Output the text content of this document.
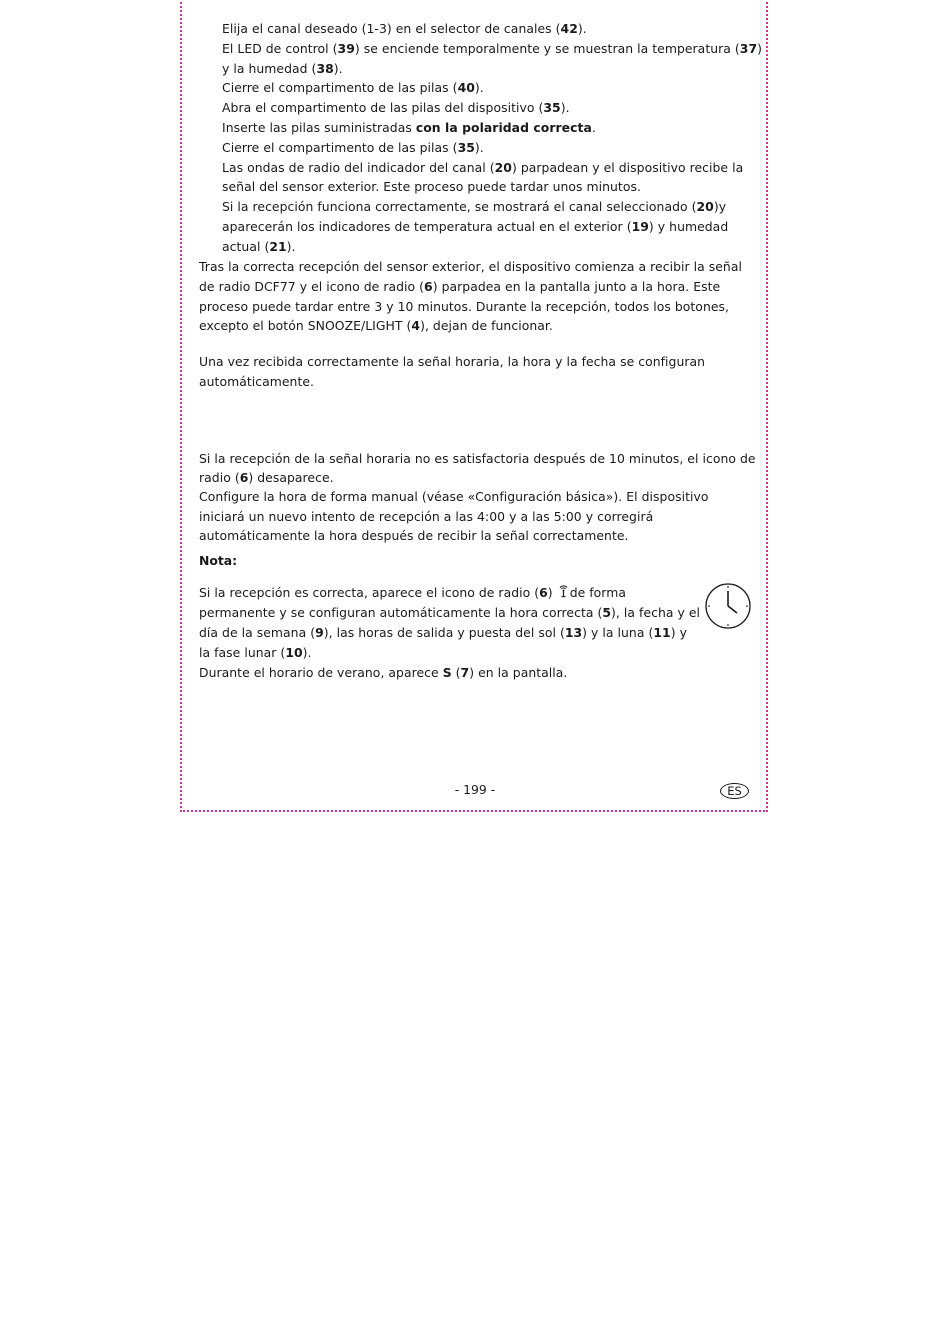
Elija el canal deseado (1-3) en el selector de canales (42).
El LED de control (39) se enciende temporalmente y se muestran la temperatura (37)
y la humedad (38).
Cierre el compartimento de las pilas (40).
Abra el compartimento de las pilas del dispositivo (35).
Inserte las pilas suministradas con la polaridad correcta.
Cierre el compartimento de las pilas (35).
Las ondas de radio del indicador del canal (20) parpadean y el dispositivo recibe la
señal del sensor exterior. Este proceso puede tardar unos minutos.
Si la recepción funciona correctamente, se mostrará el canal seleccionado (20)y
aparecerán los indicadores de temperatura actual en el exterior (19) y humedad
actual (21).
Tras la correcta recepción del sensor exterior, el dispositivo comienza a recibir la señal
de radio DCF77 y el icono de radio (6) parpadea en la pantalla junto a la hora. Este
proceso puede tardar entre 3 y 10 minutos. Durante la recepción, todos los botones,
excepto el botón SNOOZE/LIGHT (4), dejan de funcionar.
Una vez recibida correctamente la señal horaria, la hora y la fecha se configuran
automáticamente.
Si la recepción de la señal horaria no es satisfactoria después de 10 minutos, el icono de
radio (6) desaparece.
Configure la hora de forma manual (véase «Configuración básica»). El dispositivo
iniciará un nuevo intento de recepción a las 4:00 y a las 5:00 y corregirá
automáticamente la hora después de recibir la señal correctamente.
Nota:
Si la recepción es correcta, aparece el icono de radio (6) de forma
permanente y se configuran automáticamente la hora correcta (5), la fecha y el
día de la semana (9), las horas de salida y puesta del sol (13) y la luna (11) y
la fase lunar (10).
Durante el horario de verano, aparece S (7) en la pantalla.
- 199 -	ES
